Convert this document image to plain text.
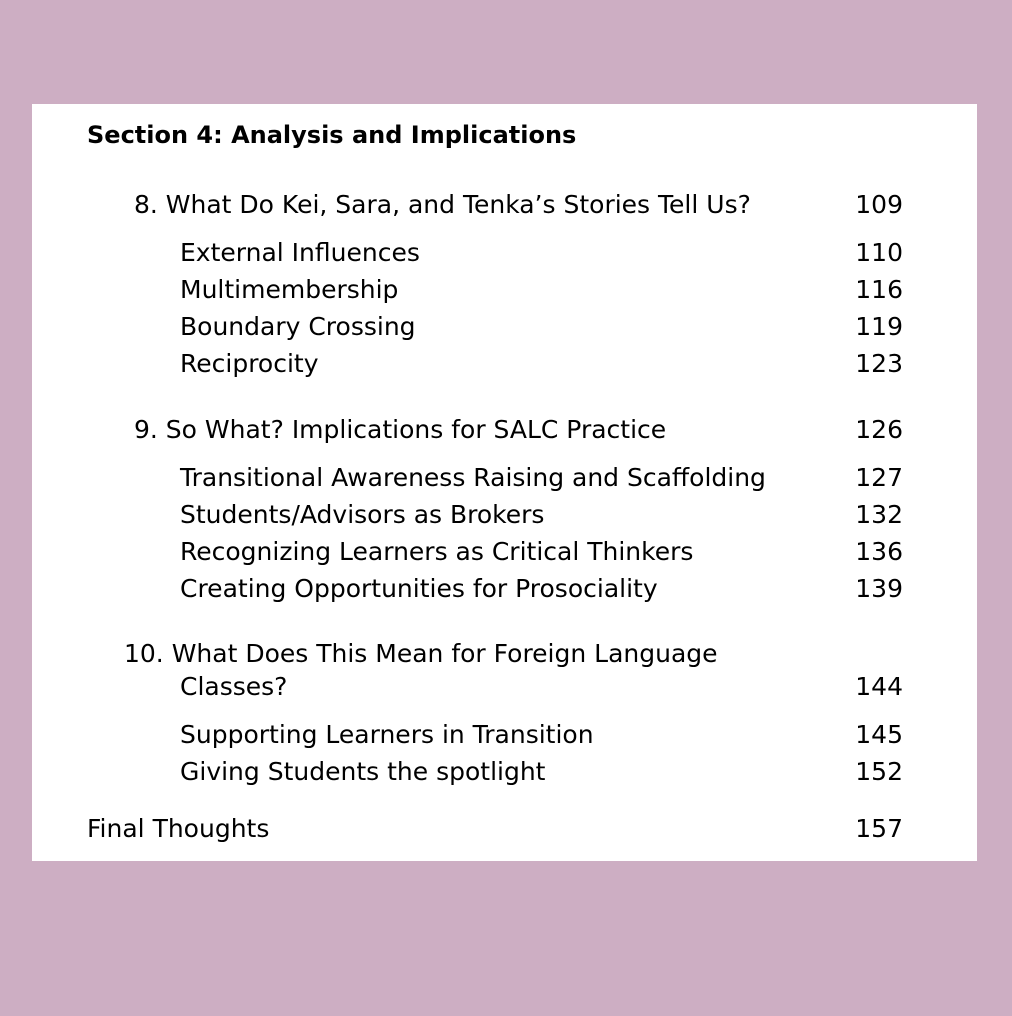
Section 4: Analysis and Implications
8. What Do Kei, Sara, and Tenka’s Stories Tell Us?	109
External Influences	110
Multimembership	116
Boundary Crossing	119
Reciprocity	123
9. So What? Implications for SALC Practice	126
Transitional Awareness Raising and Scaffolding	127
Students/Advisors as Brokers	132
Recognizing Learners as Critical Thinkers	136
Creating Opportunities for Prosociality	139
10. What Does This Mean for Foreign Language
Classes?	144
Supporting Learners in Transition	145
Giving Students the spotlight	152
Final Thoughts	157
